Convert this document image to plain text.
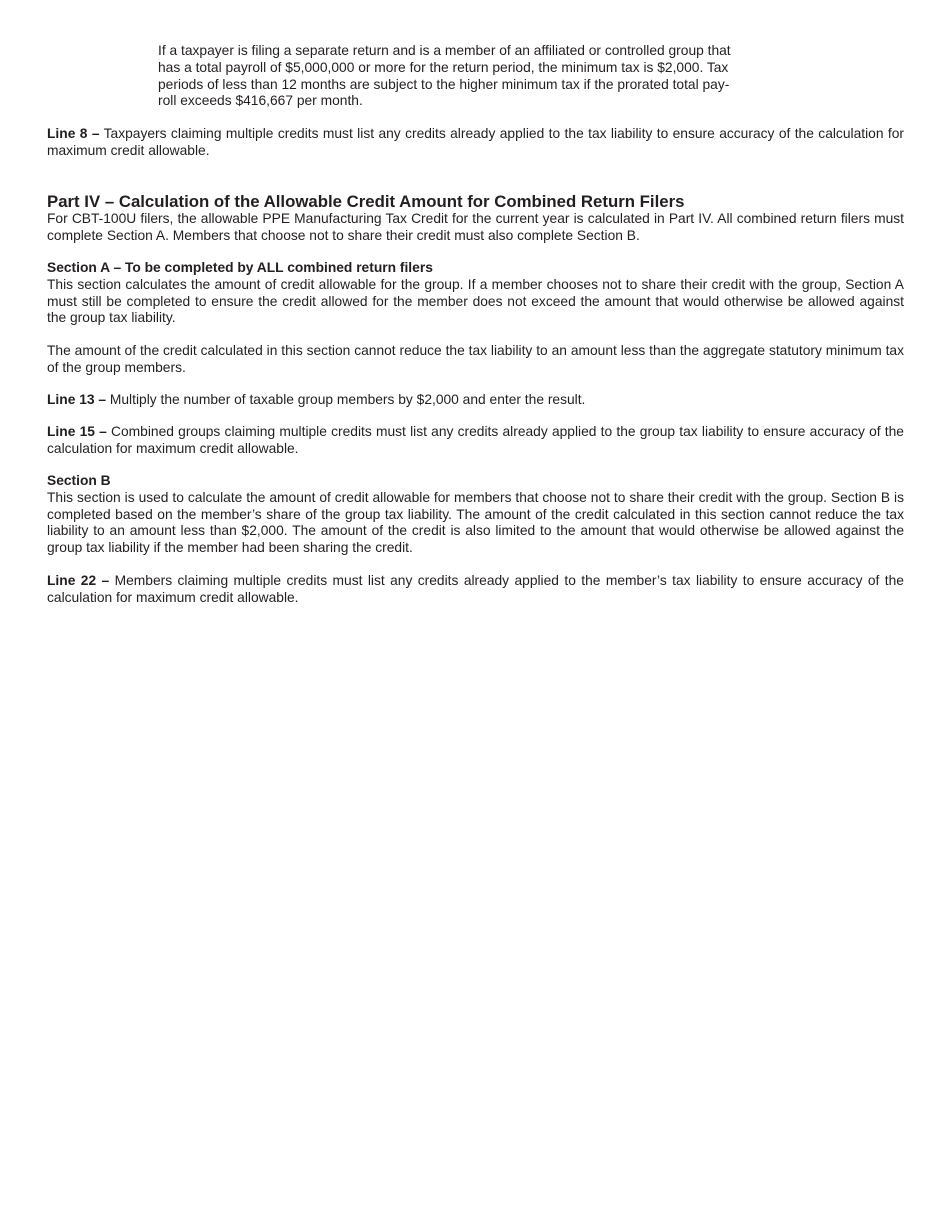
If a taxpayer is filing a separate return and is a member of an affiliated or controlled group that has a total payroll of $5,000,000 or more for the return period, the minimum tax is $2,000. Tax periods of less than 12 months are subject to the higher minimum tax if the prorated total pay-roll exceeds $416,667 per month.

Line 8 – Taxpayers claiming multiple credits must list any credits already applied to the tax liability to ensure accuracy of the calculation for maximum credit allowable.

Part IV – Calculation of the Allowable Credit Amount for Combined Return Filers

For CBT-100U filers, the allowable PPE Manufacturing Tax Credit for the current year is calculated in Part IV. All combined return filers must complete Section A. Members that choose not to share their credit must also complete Section B.

Section A – To be completed by ALL combined return filers
This section calculates the amount of credit allowable for the group. If a member chooses not to share their credit with the group, Section A must still be completed to ensure the credit allowed for the member does not exceed the amount that would otherwise be allowed against the group tax liability.

The amount of the credit calculated in this section cannot reduce the tax liability to an amount less than the aggregate statutory minimum tax of the group members.

Line 13 – Multiply the number of taxable group members by $2,000 and enter the result.

Line 15 – Combined groups claiming multiple credits must list any credits already applied to the group tax liability to ensure accuracy of the calculation for maximum credit allowable.

Section B
This section is used to calculate the amount of credit allowable for members that choose not to share their credit with the group. Section B is completed based on the member’s share of the group tax liability. The amount of the credit calculated in this section cannot reduce the tax liability to an amount less than $2,000. The amount of the credit is also limited to the amount that would otherwise be allowed against the group tax liability if the member had been sharing the credit.

Line 22 – Members claiming multiple credits must list any credits already applied to the member’s tax liability to ensure accuracy of the calculation for maximum credit allowable.
